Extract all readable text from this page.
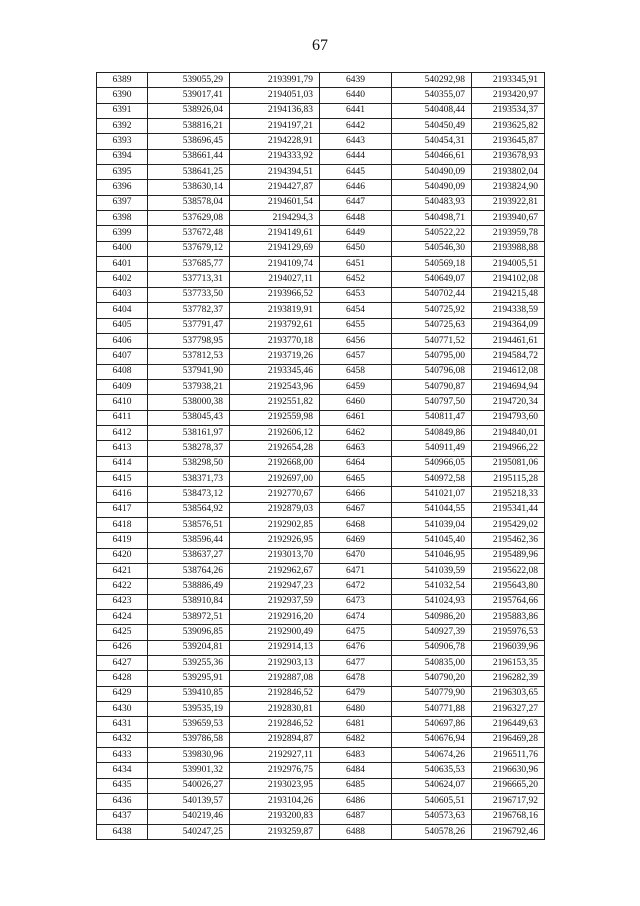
67
6389	539055,29	2193991,79	6439	540292,98	2193345,91
6390	539017,41	2194051,03	6440	540355,07	2193420,97
6391	538926,04	2194136,83	6441	540408,44	2193534,37
6392	538816,21	2194197,21	6442	540450,49	2193625,82
6393	538696,45	2194228,91	6443	540454,31	2193645,87
6394	538661,44	2194333,92	6444	540466,61	2193678,93
6395	538641,25	2194394,51	6445	540490,09	2193802,04
6396	538630,14	2194427,87	6446	540490,09	2193824,90
6397	538578,04	2194601,54	6447	540483,93	2193922,81
6398	537629,08	2194294,3	6448	540498,71	2193940,67
6399	537672,48	2194149,61	6449	540522,22	2193959,78
6400	537679,12	2194129,69	6450	540546,30	2193988,88
6401	537685,77	2194109,74	6451	540569,18	2194005,51
6402	537713,31	2194027,11	6452	540649,07	2194102,08
6403	537733,50	2193966,52	6453	540702,44	2194215,48
6404	537782,37	2193819,91	6454	540725,92	2194338,59
6405	537791,47	2193792,61	6455	540725,63	2194364,09
6406	537798,95	2193770,18	6456	540771,52	2194461,61
6407	537812,53	2193719,26	6457	540795,00	2194584,72
6408	537941,90	2193345,46	6458	540796,08	2194612,08
6409	537938,21	2192543,96	6459	540790,87	2194694,94
6410	538000,38	2192551,82	6460	540797,50	2194720,34
6411	538045,43	2192559,98	6461	540811,47	2194793,60
6412	538161,97	2192606,12	6462	540849,86	2194840,01
6413	538278,37	2192654,28	6463	540911,49	2194966,22
6414	538298,50	2192668,00	6464	540966,05	2195081,06
6415	538371,73	2192697,00	6465	540972,58	2195115,28
6416	538473,12	2192770,67	6466	541021,07	2195218,33
6417	538564,92	2192879,03	6467	541044,55	2195341,44
6418	538576,51	2192902,85	6468	541039,04	2195429,02
6419	538596,44	2192926,95	6469	541045,40	2195462,36
6420	538637,27	2193013,70	6470	541046,95	2195489,96
6421	538764,26	2192962,67	6471	541039,59	2195622,08
6422	538886,49	2192947,23	6472	541032,54	2195643,80
6423	538910,84	2192937,59	6473	541024,93	2195764,66
6424	538972,51	2192916,20	6474	540986,20	2195883,86
6425	539096,85	2192900,49	6475	540927,39	2195976,53
6426	539204,81	2192914,13	6476	540906,78	2196039,96
6427	539255,36	2192903,13	6477	540835,00	2196153,35
6428	539295,91	2192887,08	6478	540790,20	2196282,39
6429	539410,85	2192846,52	6479	540779,90	2196303,65
6430	539535,19	2192830,81	6480	540771,88	2196327,27
6431	539659,53	2192846,52	6481	540697,86	2196449,63
6432	539786,58	2192894,87	6482	540676,94	2196469,28
6433	539830,96	2192927,11	6483	540674,26	2196511,76
6434	539901,32	2192976,75	6484	540635,53	2196630,96
6435	540026,27	2193023,95	6485	540624,07	2196665,20
6436	540139,57	2193104,26	6486	540605,51	2196717,92
6437	540219,46	2193200,83	6487	540573,63	2196768,16
6438	540247,25	2193259,87	6488	540578,26	2196792,46
